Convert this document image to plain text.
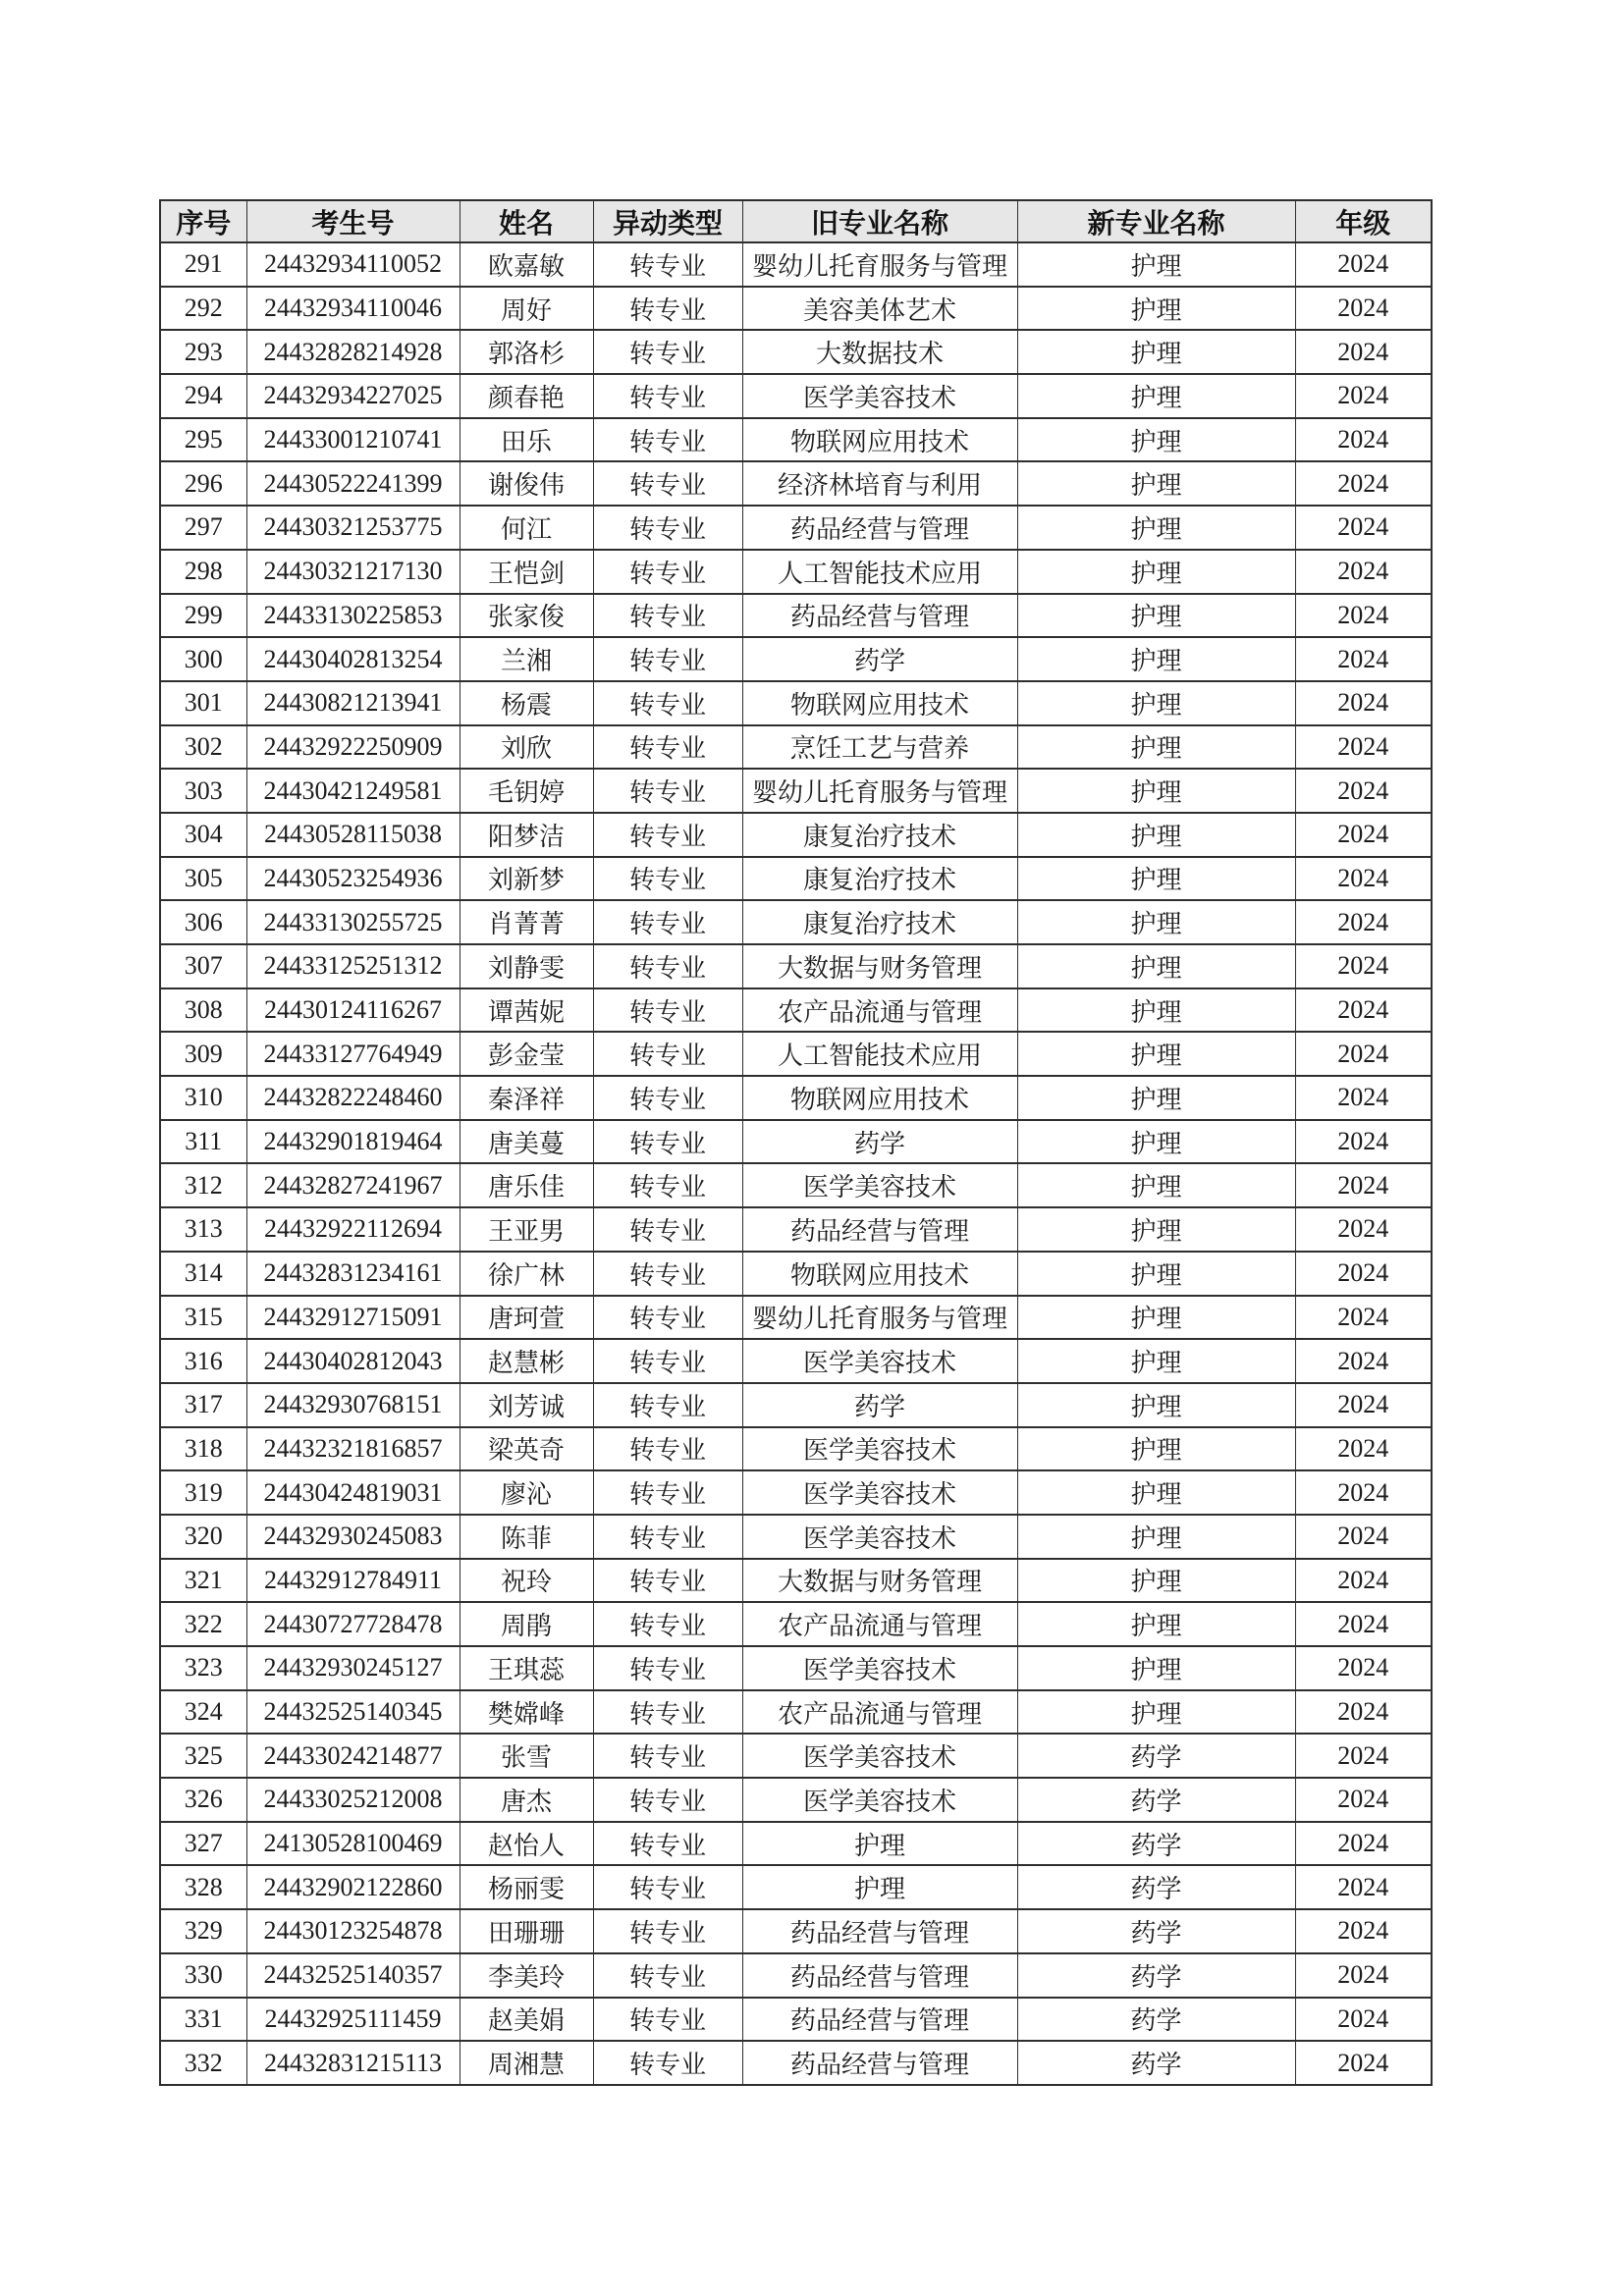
序号	考生号	姓名	异动类型	旧专业名称	新专业名称	年级
291	24432934110052	欧嘉敏	转专业	婴幼儿托育服务与管理	护理	2024
292	24432934110046	周好	转专业	美容美体艺术	护理	2024
293	24432828214928	郭洛杉	转专业	大数据技术	护理	2024
294	24432934227025	颜春艳	转专业	医学美容技术	护理	2024
295	24433001210741	田乐	转专业	物联网应用技术	护理	2024
296	24430522241399	谢俊伟	转专业	经济林培育与利用	护理	2024
297	24430321253775	何江	转专业	药品经营与管理	护理	2024
298	24430321217130	王恺剑	转专业	人工智能技术应用	护理	2024
299	24433130225853	张家俊	转专业	药品经营与管理	护理	2024
300	24430402813254	兰湘	转专业	药学	护理	2024
301	24430821213941	杨震	转专业	物联网应用技术	护理	2024
302	24432922250909	刘欣	转专业	烹饪工艺与营养	护理	2024
303	24430421249581	毛钥婷	转专业	婴幼儿托育服务与管理	护理	2024
304	24430528115038	阳梦洁	转专业	康复治疗技术	护理	2024
305	24430523254936	刘新梦	转专业	康复治疗技术	护理	2024
306	24433130255725	肖菁菁	转专业	康复治疗技术	护理	2024
307	24433125251312	刘静雯	转专业	大数据与财务管理	护理	2024
308	24430124116267	谭茜妮	转专业	农产品流通与管理	护理	2024
309	24433127764949	彭金莹	转专业	人工智能技术应用	护理	2024
310	24432822248460	秦泽祥	转专业	物联网应用技术	护理	2024
311	24432901819464	唐美蔓	转专业	药学	护理	2024
312	24432827241967	唐乐佳	转专业	医学美容技术	护理	2024
313	24432922112694	王亚男	转专业	药品经营与管理	护理	2024
314	24432831234161	徐广林	转专业	物联网应用技术	护理	2024
315	24432912715091	唐珂萱	转专业	婴幼儿托育服务与管理	护理	2024
316	24430402812043	赵慧彬	转专业	医学美容技术	护理	2024
317	24432930768151	刘芳诚	转专业	药学	护理	2024
318	24432321816857	梁英奇	转专业	医学美容技术	护理	2024
319	24430424819031	廖沁	转专业	医学美容技术	护理	2024
320	24432930245083	陈菲	转专业	医学美容技术	护理	2024
321	24432912784911	祝玲	转专业	大数据与财务管理	护理	2024
322	24430727728478	周鹃	转专业	农产品流通与管理	护理	2024
323	24432930245127	王琪蕊	转专业	医学美容技术	护理	2024
324	24432525140345	樊嫦峰	转专业	农产品流通与管理	护理	2024
325	24433024214877	张雪	转专业	医学美容技术	药学	2024
326	24433025212008	唐杰	转专业	医学美容技术	药学	2024
327	24130528100469	赵怡人	转专业	护理	药学	2024
328	24432902122860	杨丽雯	转专业	护理	药学	2024
329	24430123254878	田珊珊	转专业	药品经营与管理	药学	2024
330	24432525140357	李美玲	转专业	药品经营与管理	药学	2024
331	24432925111459	赵美娟	转专业	药品经营与管理	药学	2024
332	24432831215113	周湘慧	转专业	药品经营与管理	药学	2024
